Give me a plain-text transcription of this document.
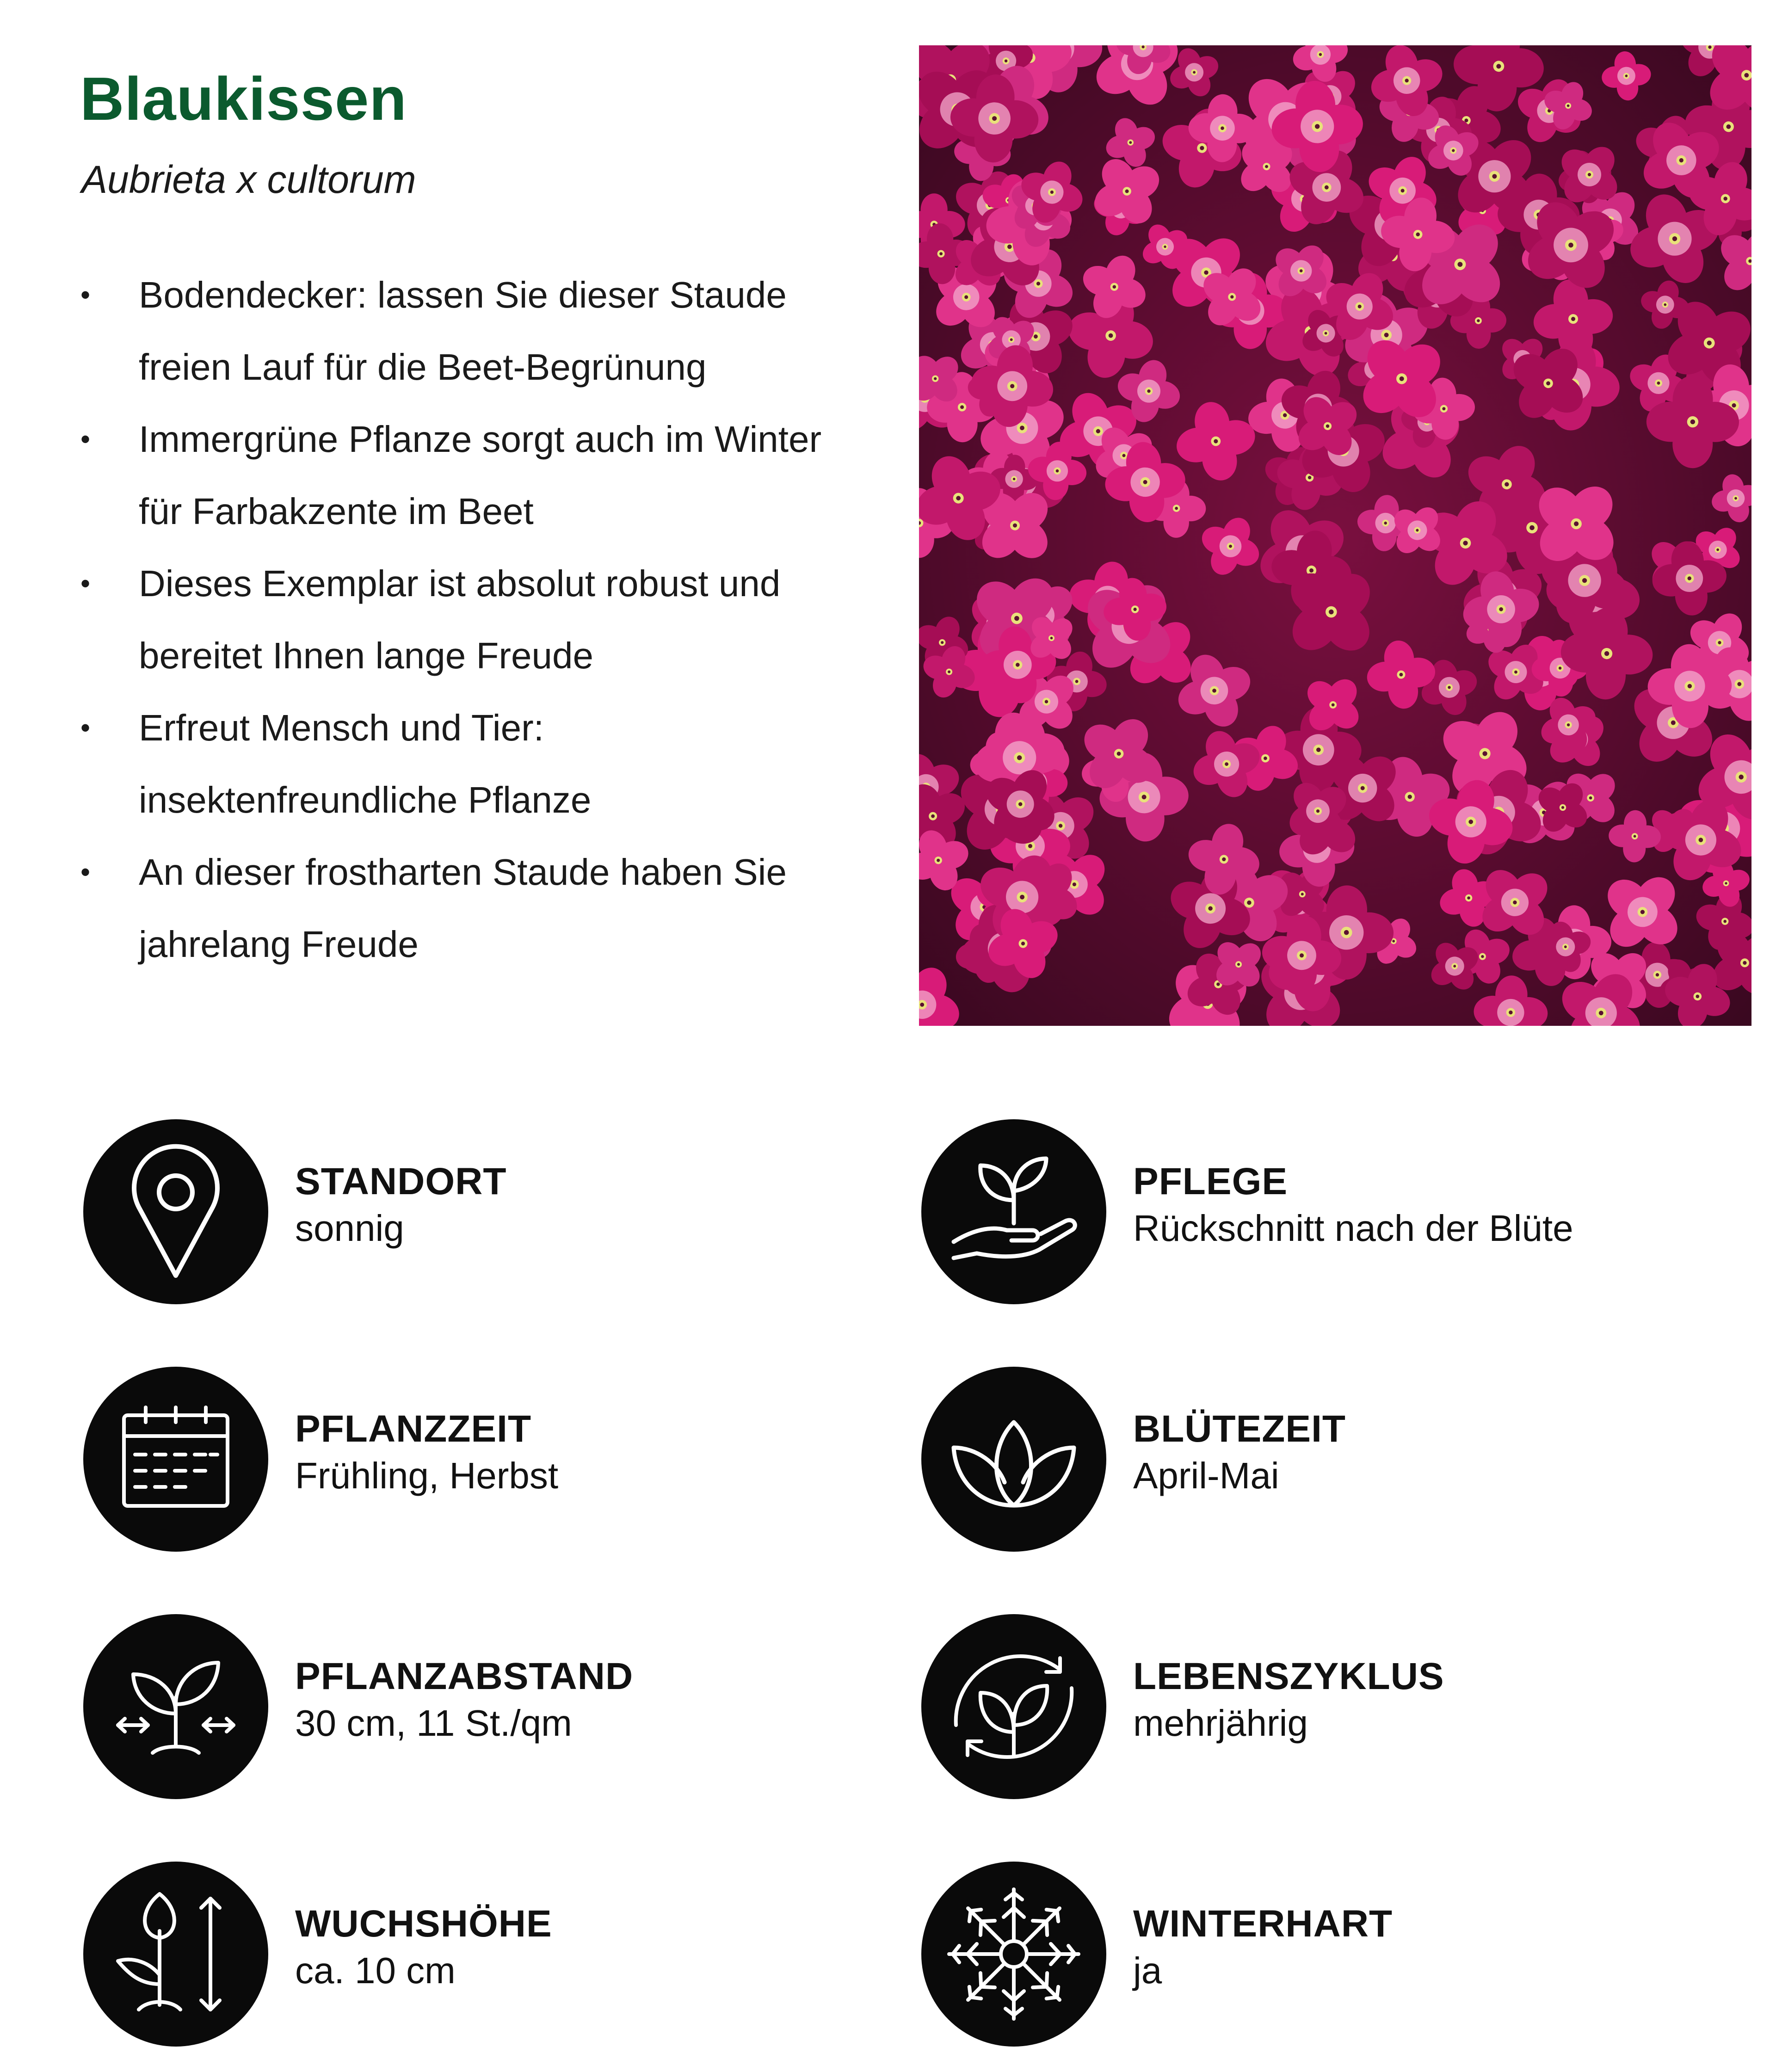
Blaukissen
Aubrieta x cultorum
• Bodendecker: lassen Sie dieser Staude
freien Lauf für die Beet-Begrünung
• Immergrüne Pflanze sorgt auch im Winter
für Farbakzente im Beet
• Dieses Exemplar ist absolut robust und
bereitet Ihnen lange Freude
• Erfreut Mensch und Tier:
insektenfreundliche Pflanze
• An dieser frostharten Staude haben Sie
jahrelang Freude
STANDORT
sonnig
PFLEGE
Rückschnitt nach der Blüte
PFLANZZEIT
Frühling, Herbst
BLÜTEZEIT
April-Mai
PFLANZABSTAND
30 cm, 11 St./qm
LEBENSZYKLUS
mehrjährig
WUCHSHÖHE
ca. 10 cm
WINTERHART
ja
